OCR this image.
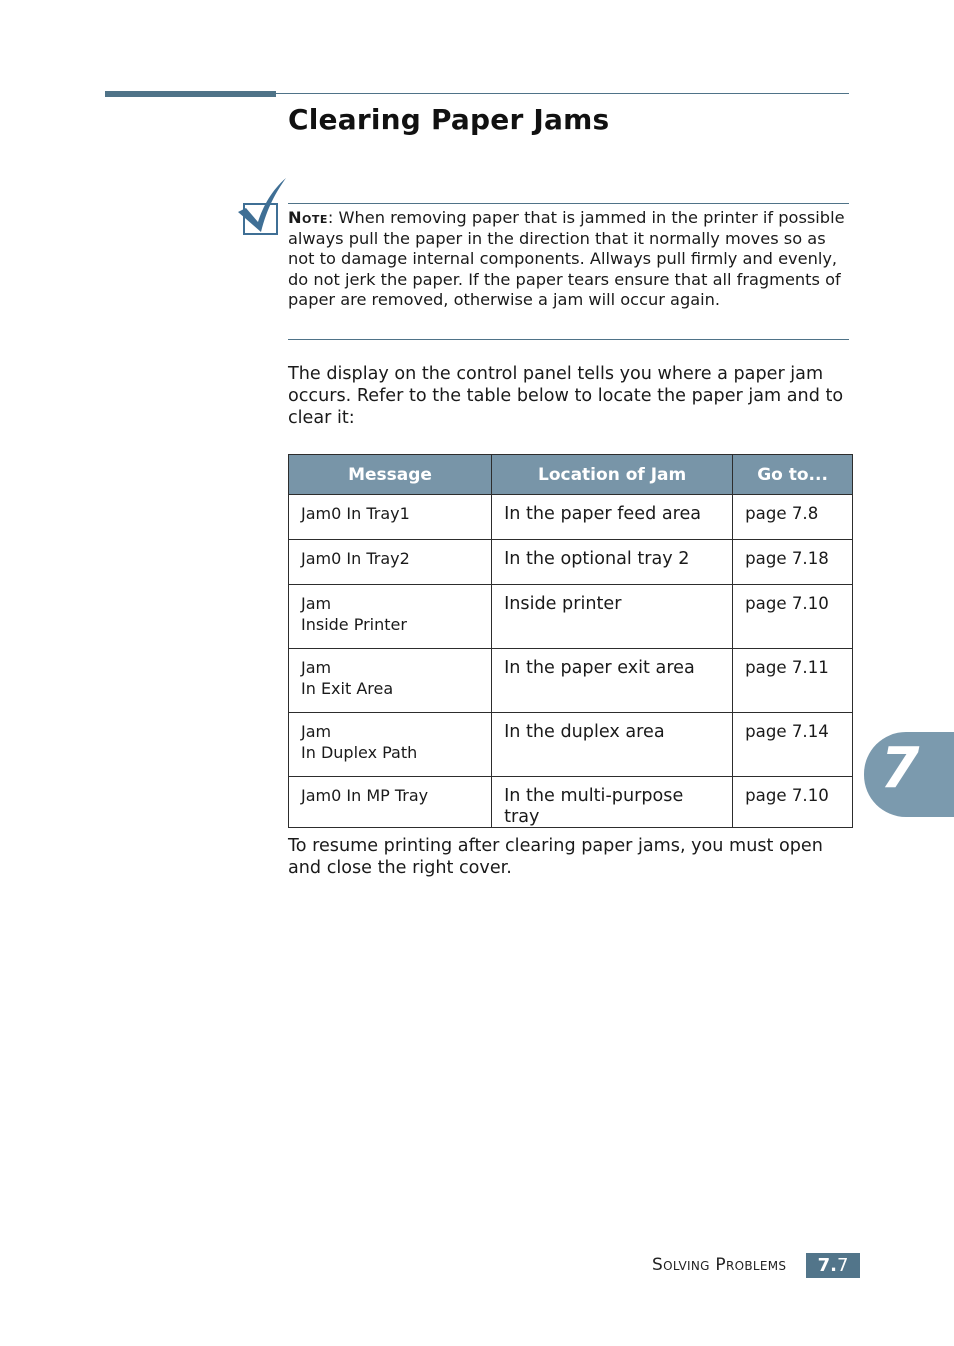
Clearing Paper Jams

Note: When removing paper that is jammed in the printer if possible always pull the paper in the direction that it normally moves so as not to damage internal components. Allways pull firmly and evenly, do not jerk the paper. If the paper tears ensure that all fragments of paper are removed, otherwise a jam will occur again.

The display on the control panel tells you where a paper jam occurs. Refer to the table below to locate the paper jam and to clear it:

Message	Location of Jam	Go to...

Jam0 In Tray1	In the paper feed area	page 7.8

Jam0 In Tray2	In the optional tray 2	page 7.18

Jam
Inside Printer	Inside printer	page 7.10

Jam
In Exit Area	In the paper exit area	page 7.11

Jam
In Duplex Path	In the duplex area	page 7.14

Jam0 In MP Tray	In the multi-purpose tray	page 7.10

To resume printing after clearing paper jams, you must open and close the right cover.

7
Solving Problems	7.7
